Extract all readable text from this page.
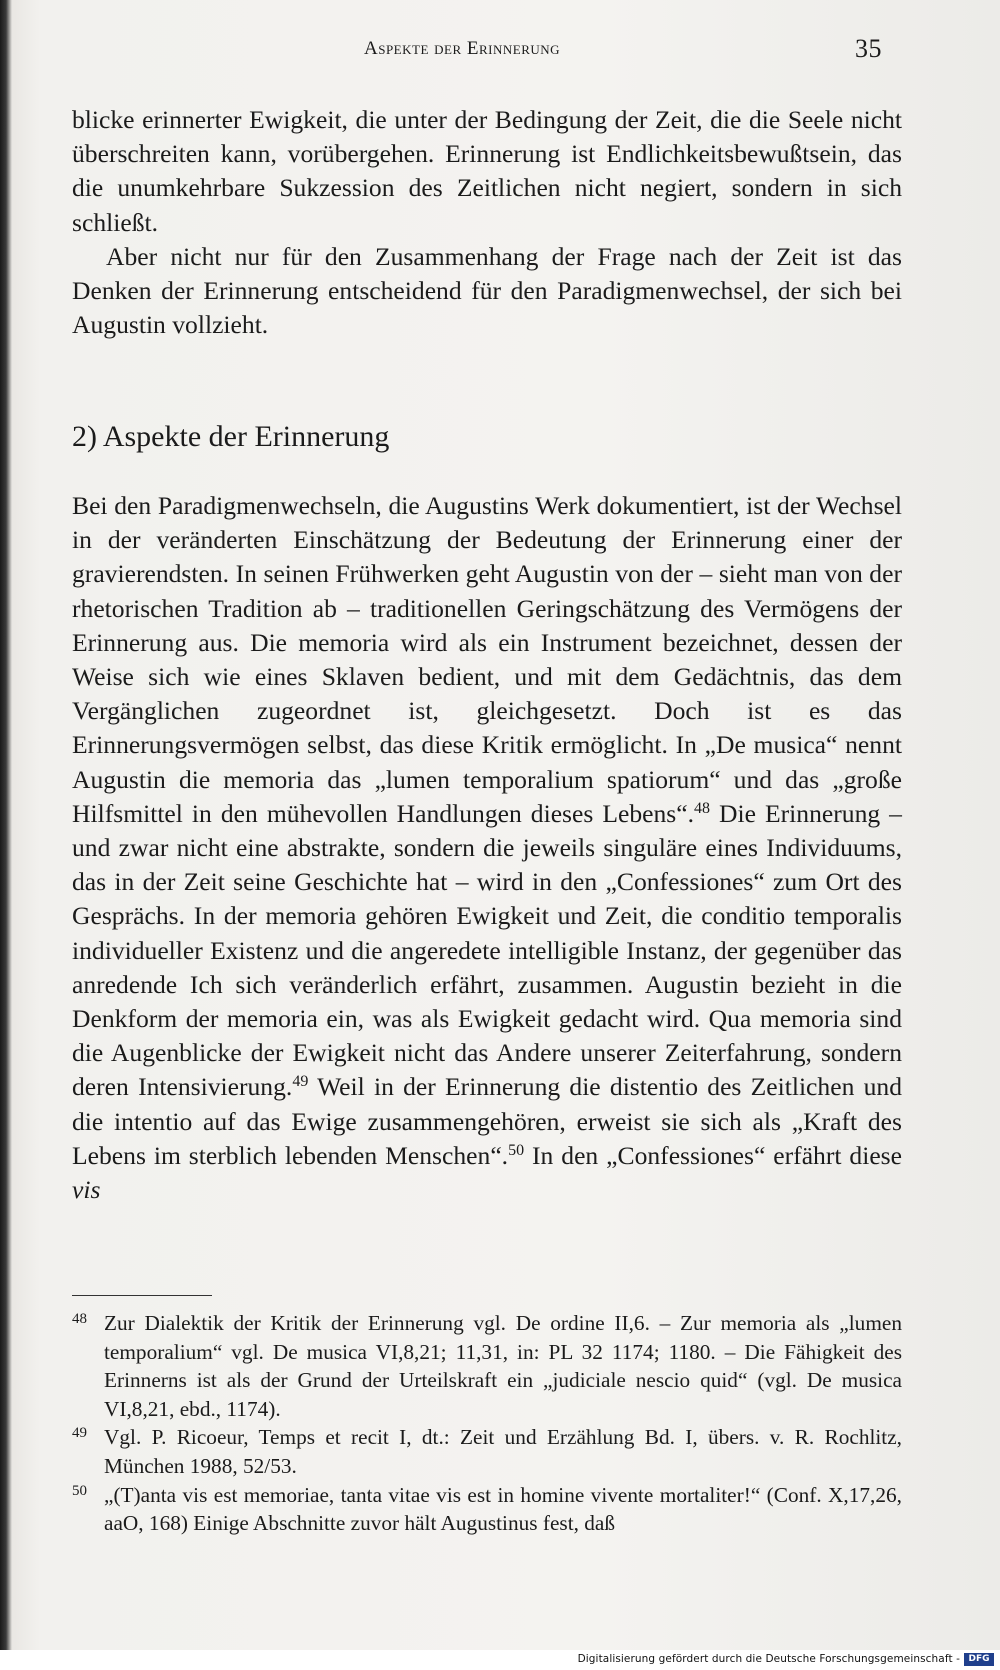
Aspekte der Erinnerung	35

blicke erinnerter Ewigkeit, die unter der Bedingung der Zeit, die die Seele nicht überschreiten kann, vorübergehen. Erinnerung ist Endlichkeitsbewußtsein, das die unumkehrbare Sukzession des Zeitlichen nicht negiert, sondern in sich schließt.

Aber nicht nur für den Zusammenhang der Frage nach der Zeit ist das Denken der Erinnerung entscheidend für den Paradigmenwechsel, der sich bei Augustin vollzieht.

2) Aspekte der Erinnerung

Bei den Paradigmenwechseln, die Augustins Werk dokumentiert, ist der Wechsel in der veränderten Einschätzung der Bedeutung der Erinnerung einer der gravierendsten. In seinen Frühwerken geht Augustin von der – sieht man von der rhetorischen Tradition ab – traditionellen Geringschätzung des Vermögens der Erinnerung aus. Die memoria wird als ein Instrument bezeichnet, dessen der Weise sich wie eines Sklaven bedient, und mit dem Gedächtnis, das dem Vergänglichen zugeordnet ist, gleichgesetzt. Doch ist es das Erinnerungsvermögen selbst, das diese Kritik ermöglicht. In „De musica“ nennt Augustin die memoria das „lumen temporalium spatiorum“ und das „große Hilfsmittel in den mühevollen Handlungen dieses Lebens“.$^{48}$ Die Erinnerung – und zwar nicht eine abstrakte, sondern die jeweils singuläre eines Individuums, das in der Zeit seine Geschichte hat – wird in den „Confessiones“ zum Ort des Gesprächs. In der memoria gehören Ewigkeit und Zeit, die conditio temporalis individueller Existenz und die angeredete intelligible Instanz, der gegenüber das anredende Ich sich veränderlich erfährt, zusammen. Augustin bezieht in die Denkform der memoria ein, was als Ewigkeit gedacht wird. Qua memoria sind die Augenblicke der Ewigkeit nicht das Andere unserer Zeiterfahrung, sondern deren Intensivierung.$^{49}$ Weil in der Erinnerung die distentio des Zeitlichen und die intentio auf das Ewige zusammengehören, erweist sie sich als „Kraft des Lebens im sterblich lebenden Menschen“.$^{50}$ In den „Confessiones“ erfährt diese vis

48 Zur Dialektik der Kritik der Erinnerung vgl. De ordine II,6. – Zur memoria als „lumen temporalium“ vgl. De musica VI,8,21; 11,31, in: PL 32 1174; 1180. – Die Fähigkeit des Erinnerns ist als der Grund der Urteilskraft ein „judiciale nescio quid“ (vgl. De musica VI,8,21, ebd., 1174).

49 Vgl. P. Ricoeur, Temps et recit I, dt.: Zeit und Erzählung Bd. I, übers. v. R. Rochlitz, München 1988, 52/53.

50 „(T)anta vis est memoriae, tanta vitae vis est in homine vivente mortaliter!“ (Conf. X,17,26, aaO, 168) Einige Abschnitte zuvor hält Augustinus fest, daß

Digitalisierung gefördert durch die Deutsche Forschungsgemeinschaft - DFG
